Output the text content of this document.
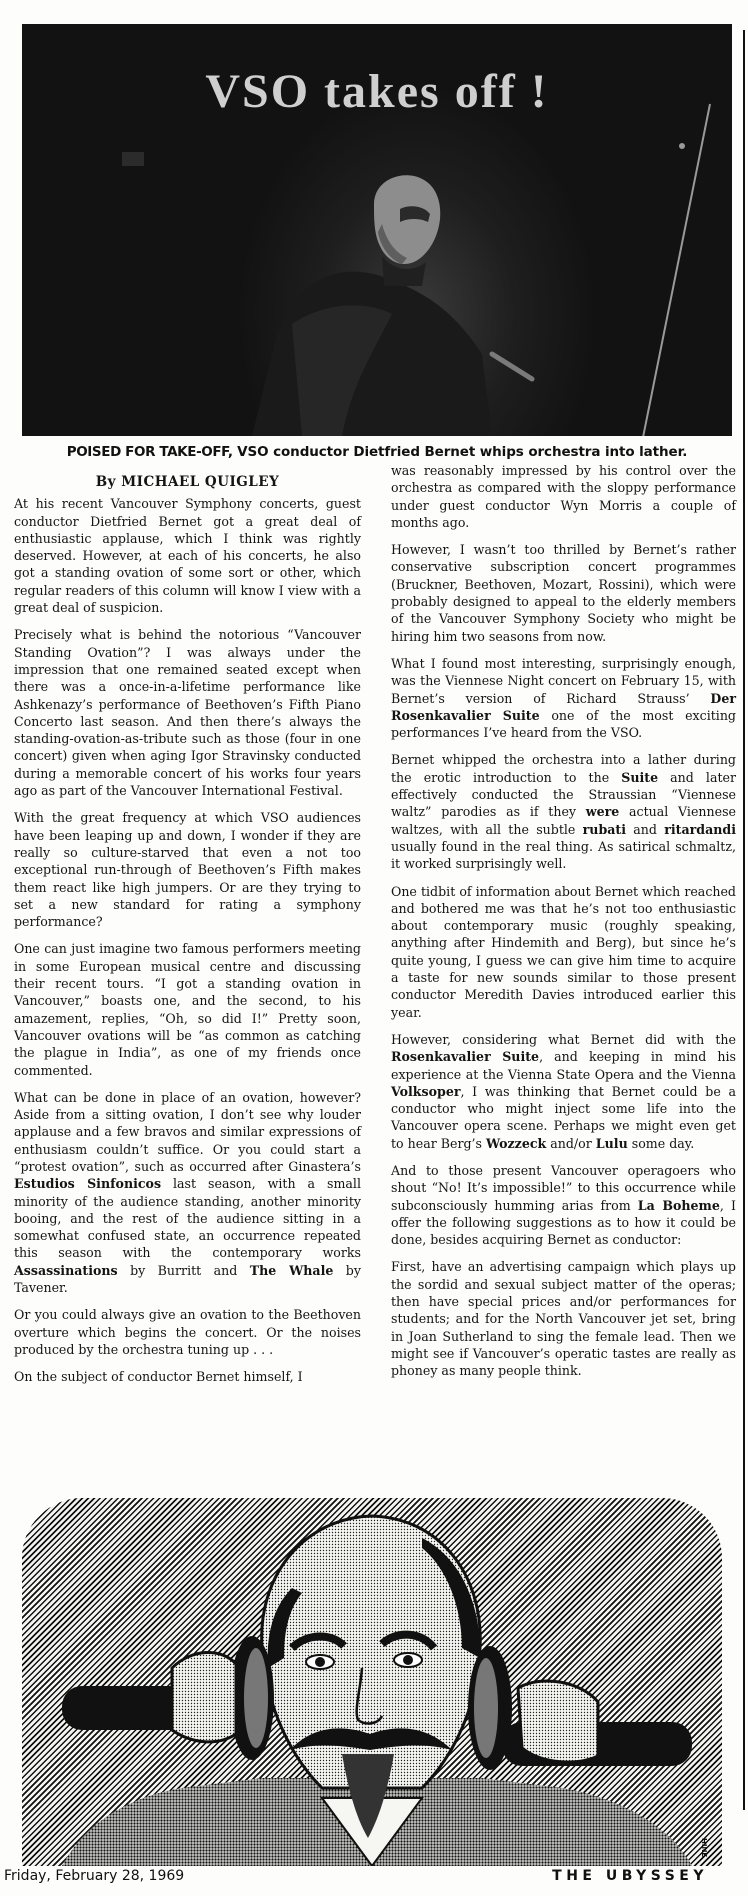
VSO takes off !
POISED FOR TAKE-OFF, VSO conductor Dietfried Bernet whips orchestra into lather.
By MICHAEL QUIGLEY

At his recent Vancouver Symphony concerts, guest conductor Dietfried Bernet got a great deal of enthusiastic applause, which I think was rightly deserved. However, at each of his concerts, he also got a standing ovation of some sort or other, which regular readers of this column will know I view with a great deal of suspicion.

Precisely what is behind the notorious “Vancouver Standing Ovation”? I was always under the impression that one remained seated except when there was a once-in-a-lifetime performance like Ashkenazy’s performance of Beethoven’s Fifth Piano Concerto last season. And then there’s always the standing-ovation-as-tribute such as those (four in one concert) given when aging Igor Stravinsky conducted during a memorable concert of his works four years ago as part of the Vancouver International Festival.

With the great frequency at which VSO audiences have been leaping up and down, I wonder if they are really so culture-starved that even a not too exceptional run-through of Beethoven’s Fifth makes them react like high jumpers. Or are they trying to set a new standard for rating a symphony performance?

One can just imagine two famous performers meeting in some European musical centre and discussing their recent tours. “I got a standing ovation in Vancouver,” boasts one, and the second, to his amazement, replies, “Oh, so did I!” Pretty soon, Vancouver ovations will be “as common as catching the plague in India”, as one of my friends once commented.

What can be done in place of an ovation, however? Aside from a sitting ovation, I don’t see why louder applause and a few bravos and similar expressions of enthusiasm couldn’t suffice. Or you could start a “protest ovation”, such as occurred after Ginastera’s Estudios Sinfonicos last season, with a small minority of the audience standing, another minority booing, and the rest of the audience sitting in a somewhat confused state, an occurrence repeated this season with the contemporary works Assassinations by Burritt and The Whale by Tavener.

Or you could always give an ovation to the Beethoven overture which begins the concert. Or the noises produced by the orchestra tuning up . . .

On the subject of conductor Bernet himself, I

was reasonably impressed by his control over the orchestra as compared with the sloppy performance under guest conductor Wyn Morris a couple of months ago.

However, I wasn’t too thrilled by Bernet’s rather conservative subscription concert programmes (Bruckner, Beethoven, Mozart, Rossini), which were probably designed to appeal to the elderly members of the Vancouver Symphony Society who might be hiring him two seasons from now.

What I found most interesting, surprisingly enough, was the Viennese Night concert on February 15, with Bernet’s version of Richard Strauss’ Der Rosenkavalier Suite one of the most exciting performances I’ve heard from the VSO.

Bernet whipped the orchestra into a lather during the erotic introduction to the Suite and later effectively conducted the Straussian “Viennese waltz” parodies as if they were actual Viennese waltzes, with all the subtle rubati and ritardandi usually found in the real thing. As satirical schmaltz, it worked surprisingly well.

One tidbit of information about Bernet which reached and bothered me was that he’s not too enthusiastic about contemporary music (roughly speaking, anything after Hindemith and Berg), but since he’s quite young, I guess we can give him time to acquire a taste for new sounds similar to those present conductor Meredith Davies introduced earlier this year.

However, considering what Bernet did with the Rosenkavalier Suite, and keeping in mind his experience at the Vienna State Opera and the Vienna Volksoper, I was thinking that Bernet could be a conductor who might inject some life into the Vancouver opera scene. Perhaps we might even get to hear Berg’s Wozzeck and/or Lulu some day.

And to those present Vancouver operagoers who shout “No! It’s impossible!” to this occurrence while subconsciously humming arias from La Boheme, I offer the following suggestions as to how it could be done, besides acquiring Bernet as conductor:

First, have an advertising campaign which plays up the sordid and sexual subject matter of the operas; then have special prices and/or performances for students; and for the North Vancouver jet set, bring in Joan Sutherland to sing the female lead. Then we might see if Vancouver’s operatic tastes are really as phoney as many people think.

HINE
Friday, February 28, 1969	THE UBYSSEY
